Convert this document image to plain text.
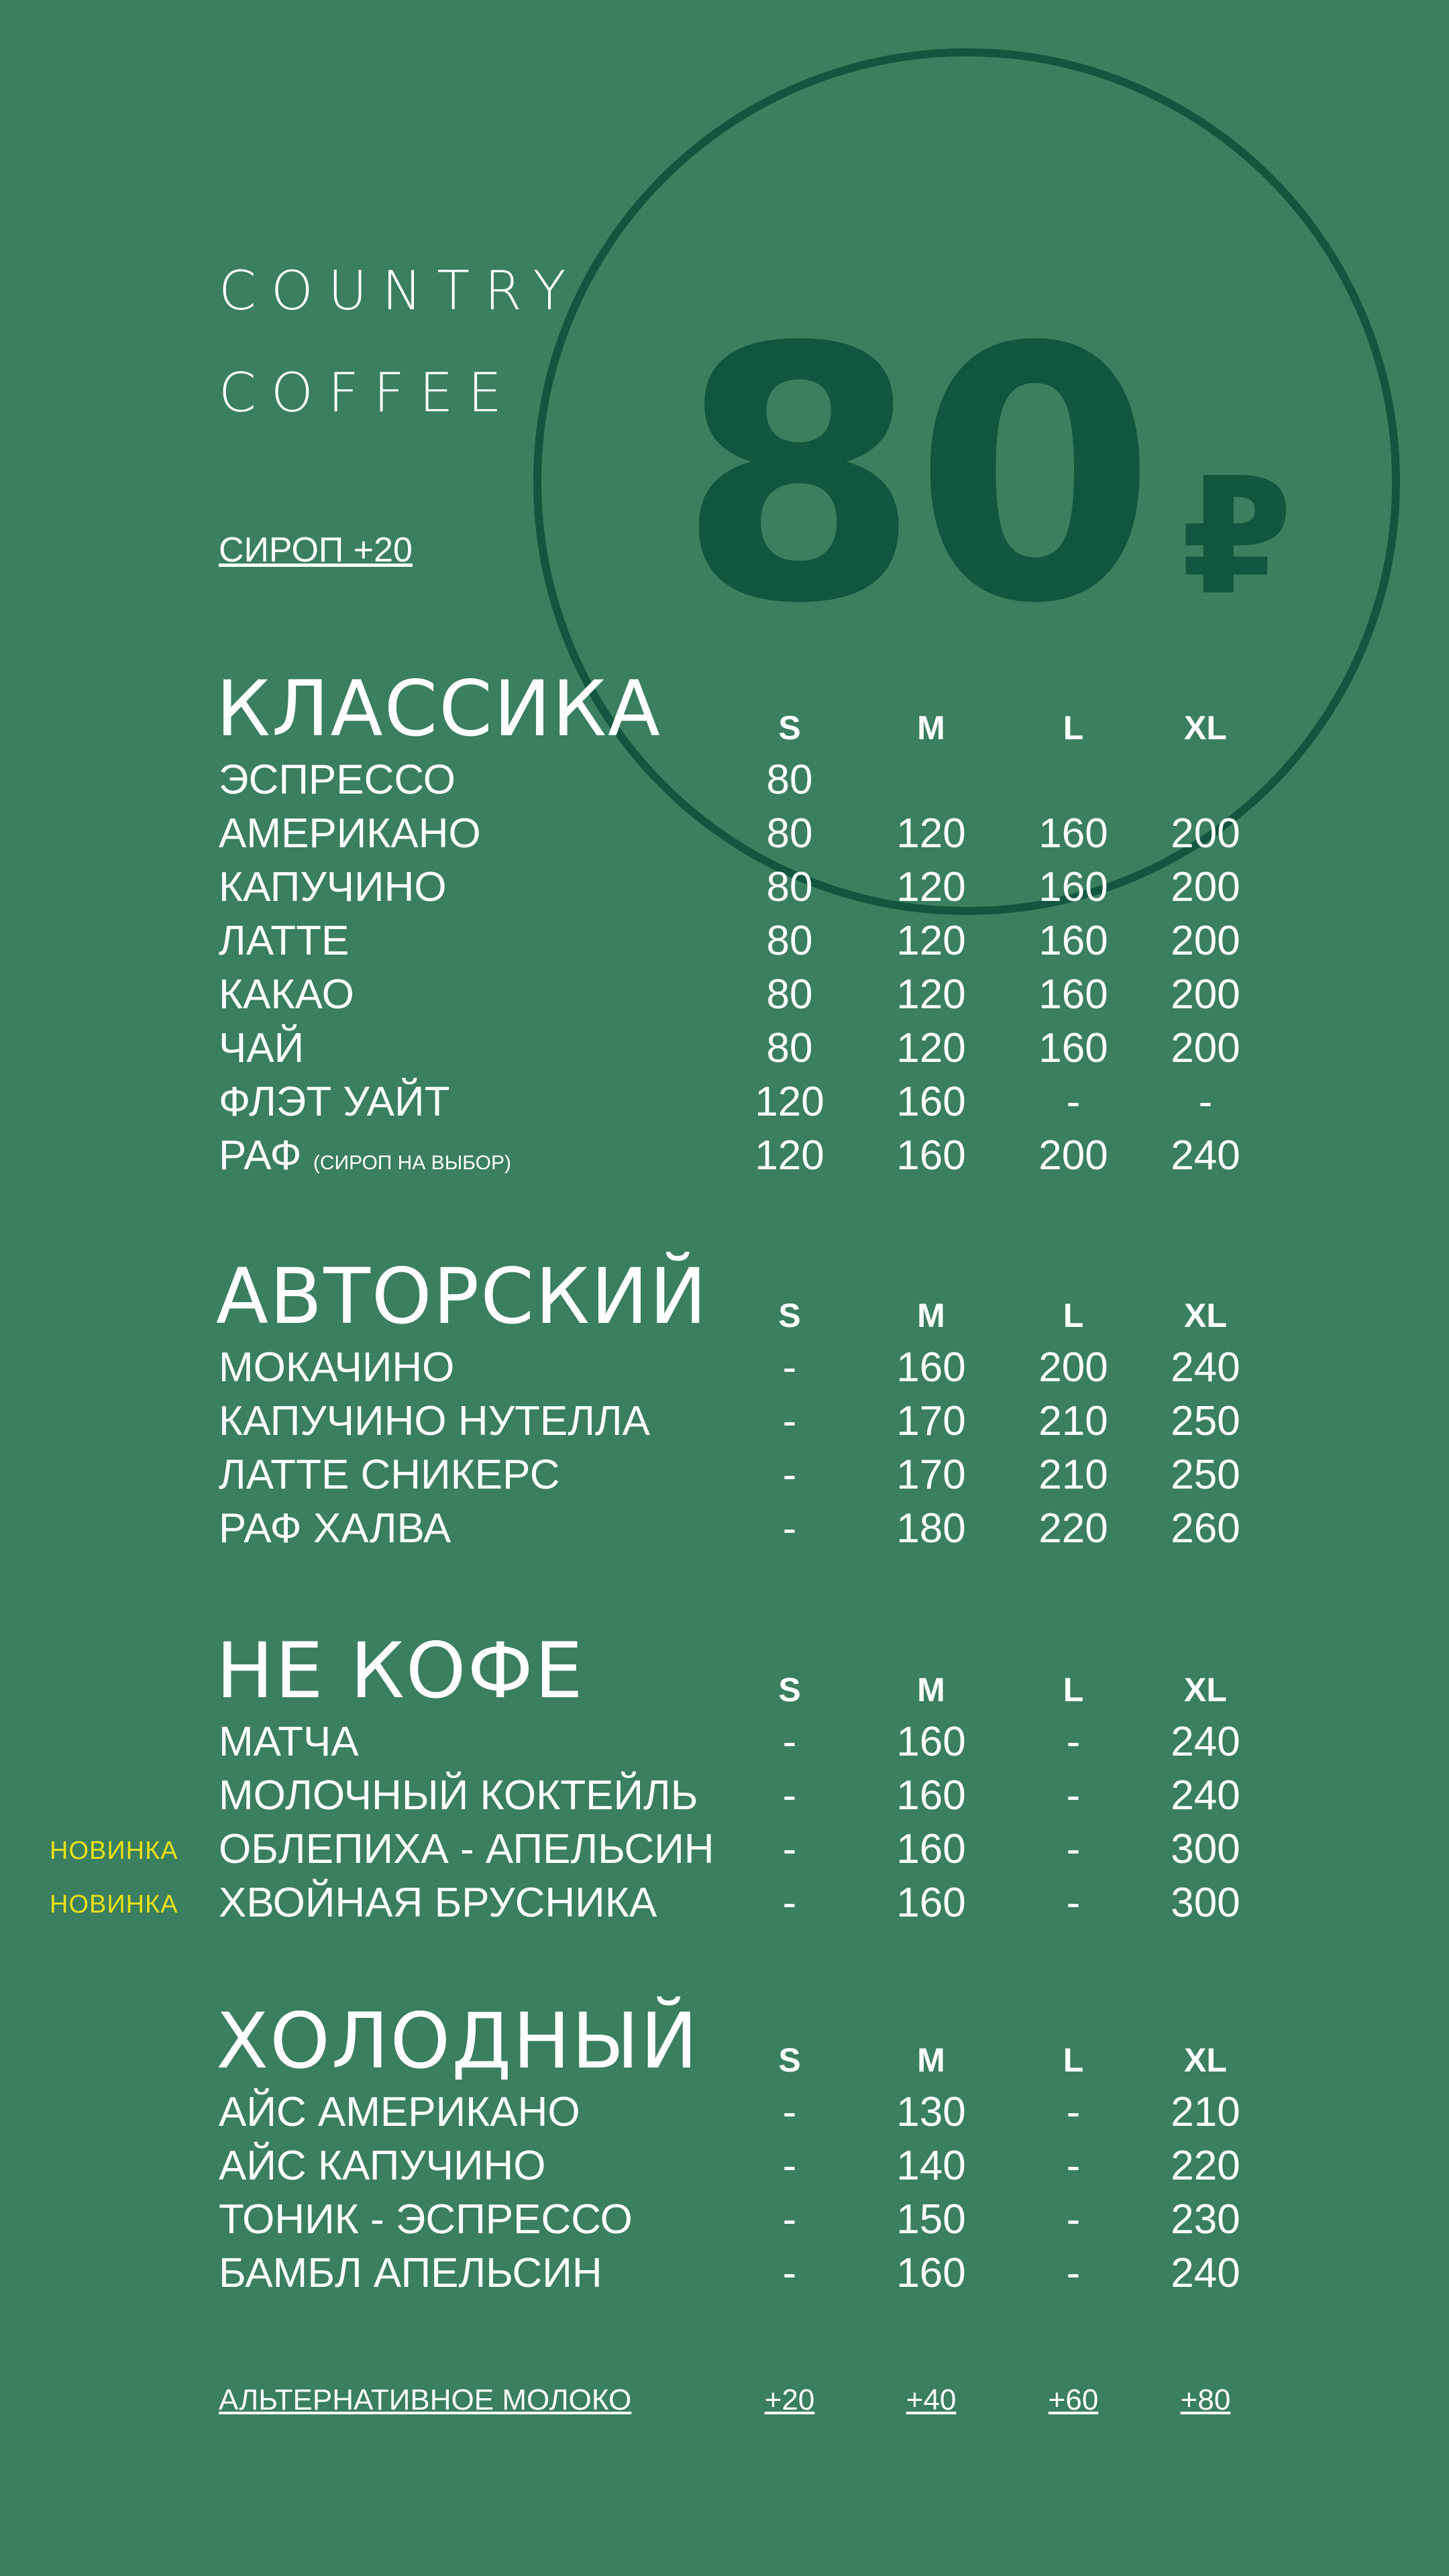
80 ₽
COUNTRY
COFFEE
СИРОП +20
КЛАССИКА	S	M	L	XL
ЭСПРЕССО	80
АМЕРИКАНО	80	120	160	200
КАПУЧИНО	80	120	160	200
ЛАТТЕ	80	120	160	200
КАКАО	80	120	160	200
ЧАЙ	80	120	160	200
ФЛЭТ УАЙТ	120	160	-	-
РАФ (СИРОП НА ВЫБОР)	120	160	200	240
АВТОРСКИЙ	S	M	L	XL
МОКАЧИНО	-	160	200	240
КАПУЧИНО НУТЕЛЛА	-	170	210	250
ЛАТТЕ СНИКЕРС	-	170	210	250
РАФ ХАЛВА	-	180	220	260
НЕ КОФЕ	S	M	L	XL
МАТЧА	-	160	-	240
МОЛОЧНЫЙ КОКТЕЙЛЬ	-	160	-	240
НОВИНКА ОБЛЕПИХА - АПЕЛЬСИН	-	160	-	300
НОВИНКА ХВОЙНАЯ БРУСНИКА	-	160	-	300
ХОЛОДНЫЙ	S	M	L	XL
АЙС АМЕРИКАНО	-	130	-	210
АЙС КАПУЧИНО	-	140	-	220
ТОНИК - ЭСПРЕССО	-	150	-	230
БАМБЛ АПЕЛЬСИН	-	160	-	240
АЛЬТЕРНАТИВНОЕ МОЛОКО	+20	+40	+60	+80
